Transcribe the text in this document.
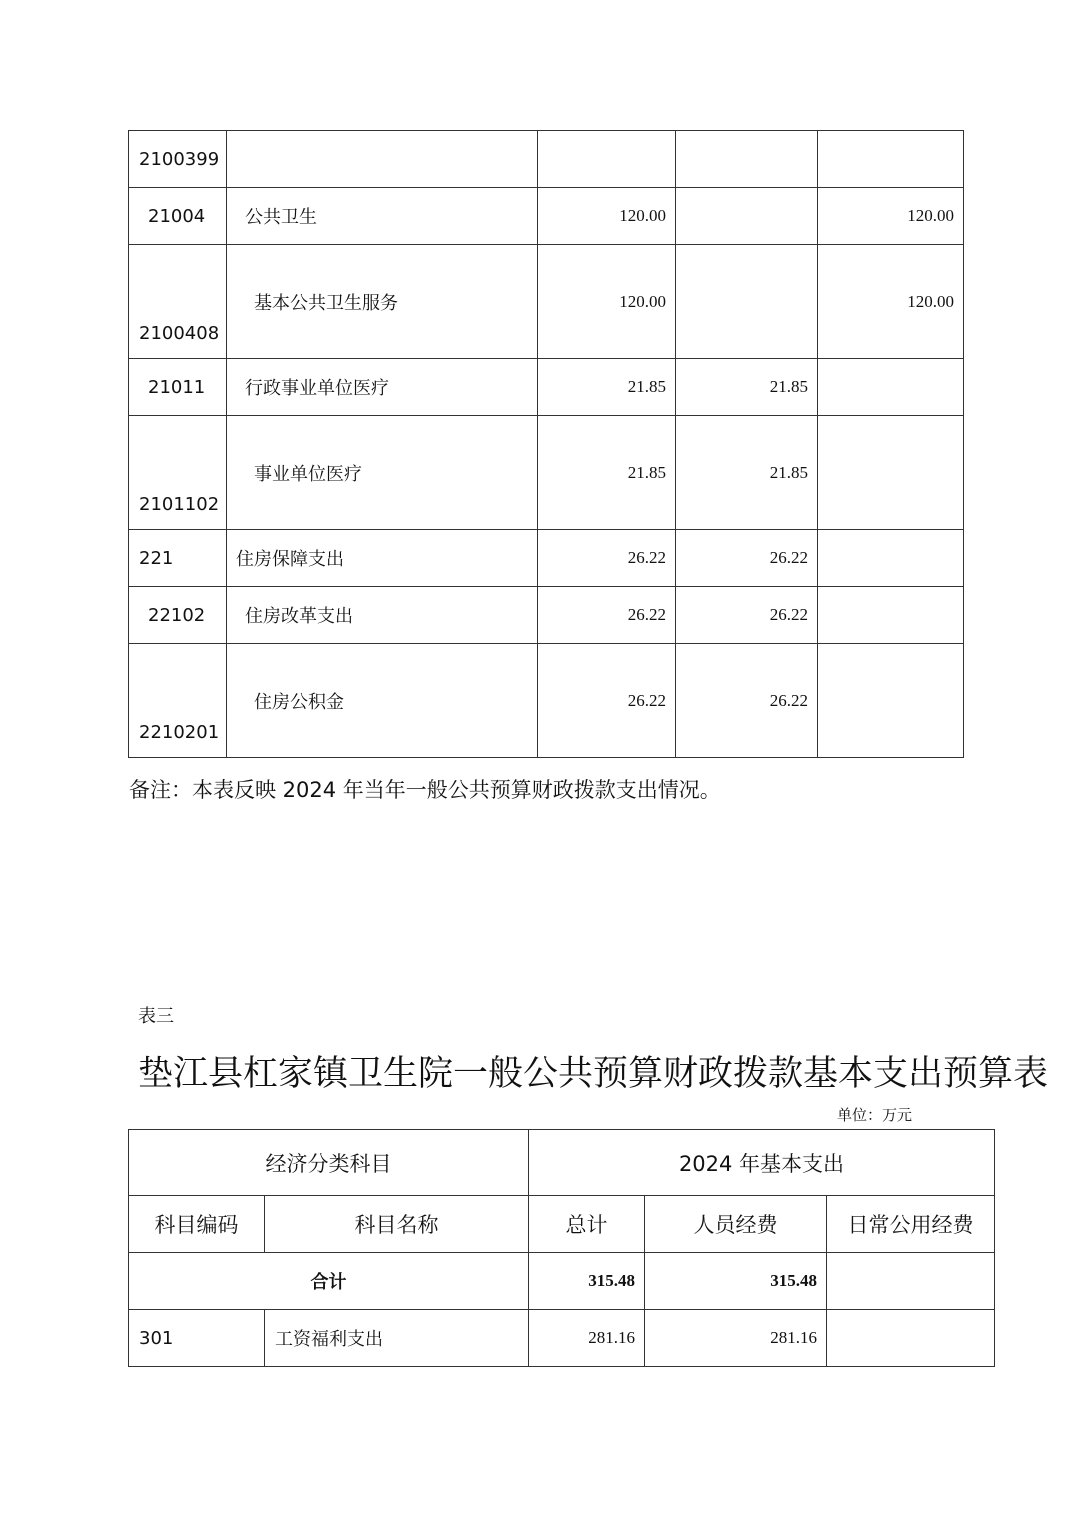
2100399				
21004	公共卫生	120.00		120.00

2100408	基本公共卫生服务	120.00		120.00
21011	行政事业单位医疗	21.85	21.85	

2101102	事业单位医疗	21.85	21.85	
221	住房保障支出	26.22	26.22	
22102	住房改革支出	26.22	26.22	

2210201	住房公积金	26.22	26.22	
备注：本表反映 2024 年当年一般公共预算财政拨款支出情况。
表三
垫江县杠家镇卫生院一般公共预算财政拨款基本支出预算表
单位：万元
经济分类科目		2024 年基本支出		
科目编码	科目名称	总计	人员经费	日常公用经费
合计		315.48	315.48	
301	工资福利支出	281.16	281.16	
